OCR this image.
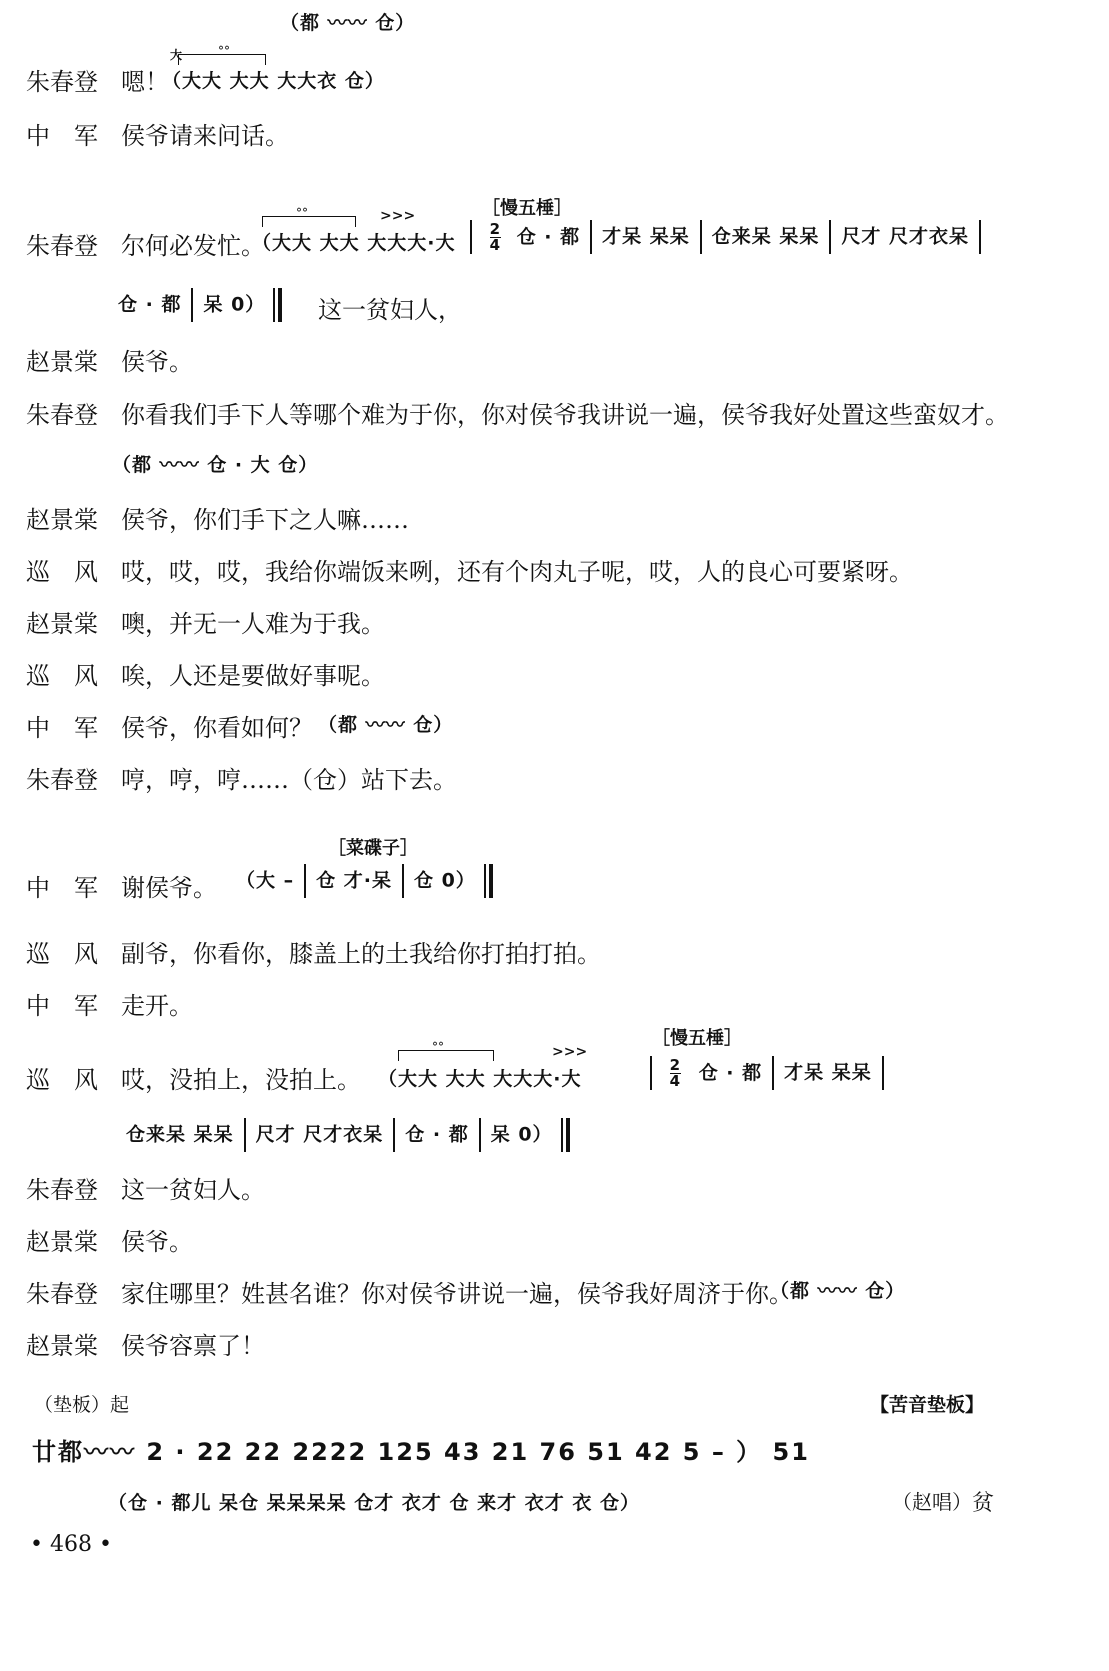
（都 〰〰 仓）
朱春登 嗯！
大	°°
（大大 大大 大大衣 仓）
中　军 侯爷请来问话。
［慢五棰］
朱春登 尔何必发忙。
°°	>>>
（大大 大大 大大大·大
$\frac{2}{4}$ 仓 · 都 才呆 呆呆 仓来呆 呆呆 尺才 尺才衣呆
仓 · 都 呆 0）	这一贫妇人，
赵景棠 侯爷。
朱春登 你看我们手下人等哪个难为于你，你对侯爷我讲说一遍，侯爷我好处置这些蛮奴才。
（都 〰〰 仓 · 大 仓）
赵景棠 侯爷，你们手下之人嘛……
巡　风 哎，哎，哎，我给你端饭来咧，还有个肉丸子呢，哎，人的良心可要紧呀。
赵景棠 噢，并无一人难为于我。
巡　风 唉，人还是要做好事呢。
中　军 侯爷，你看如何？ （都 〰〰 仓）
朱春登 哼，哼，哼……（仓）站下去。
［菜碟子］
中　军 谢侯爷。 （大 – 仓 才·呆 仓 0）
巡　风 副爷，你看你，膝盖上的土我给你打拍打拍。
中　军 走开。
［慢五棰］
巡　风 哎，没拍上，没拍上。
°°	>>>
（大大 大大 大大大·大
	$\frac{2}{4}$ 仓 · 都 才呆 呆呆
仓来呆 呆呆 尺才 尺才衣呆 仓 · 都 呆 0）
朱春登 这一贫妇人。
赵景棠 侯爷。
朱春登 家住哪里？姓甚名谁？你对侯爷讲说一遍，侯爷我好周济于你。
（都 〰〰 仓）
赵景棠 侯爷容禀了！
（垫板）起	【苦音垫板】
廿都〰〰 2 · 22 22 2222 125 43 21 76 51 42 5 – ） 51
（仓 · 都儿 呆仓 呆呆呆呆 仓才 衣才 仓 来才 衣才 衣 仓）	（赵唱） 贫
• 468 •
